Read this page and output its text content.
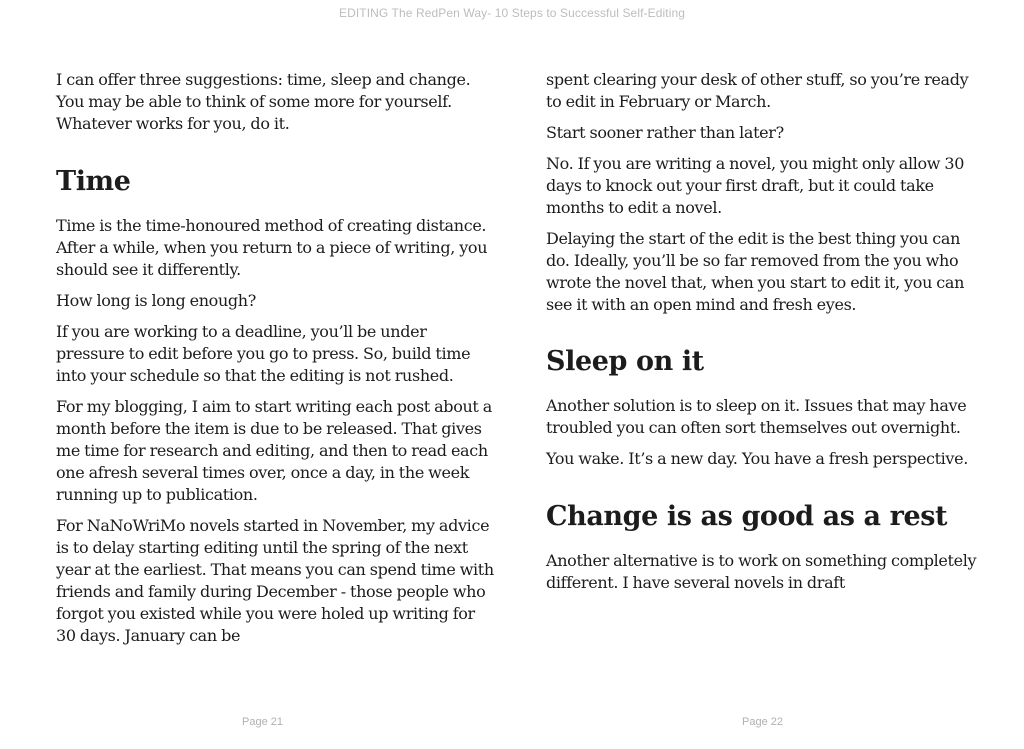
EDITING The RedPen Way- 10 Steps to Successful Self-Editing

I can offer three suggestions: time, sleep and change. You may be able to think of some more for yourself. Whatever works for you, do it.

Time

Time is the time-honoured method of creating distance. After a while, when you return to a piece of writing, you should see it differently.

How long is long enough?

If you are working to a deadline, you’ll be under pressure to edit before you go to press. So, build time into your schedule so that the editing is not rushed.

For my blogging, I aim to start writing each post about a month before the item is due to be released. That gives me time for research and editing, and then to read each one afresh several times over, once a day, in the week running up to publication.

For NaNoWriMo novels started in November, my advice is to delay starting editing until the spring of the next year at the earliest. That means you can spend time with friends and family during December - those people who forgot you existed while you were holed up writing for 30 days. January can be

Page 21

spent clearing your desk of other stuff, so you’re ready to edit in February or March.

Start sooner rather than later?

No. If you are writing a novel, you might only allow 30 days to knock out your first draft, but it could take months to edit a novel.

Delaying the start of the edit is the best thing you can do. Ideally, you’ll be so far removed from the you who wrote the novel that, when you start to edit it, you can see it with an open mind and fresh eyes.

Sleep on it

Another solution is to sleep on it. Issues that may have troubled you can often sort themselves out overnight.

You wake. It’s a new day. You have a fresh perspective.

Change is as good as a rest

Another alternative is to work on something completely different. I have several novels in draft

Page 22
